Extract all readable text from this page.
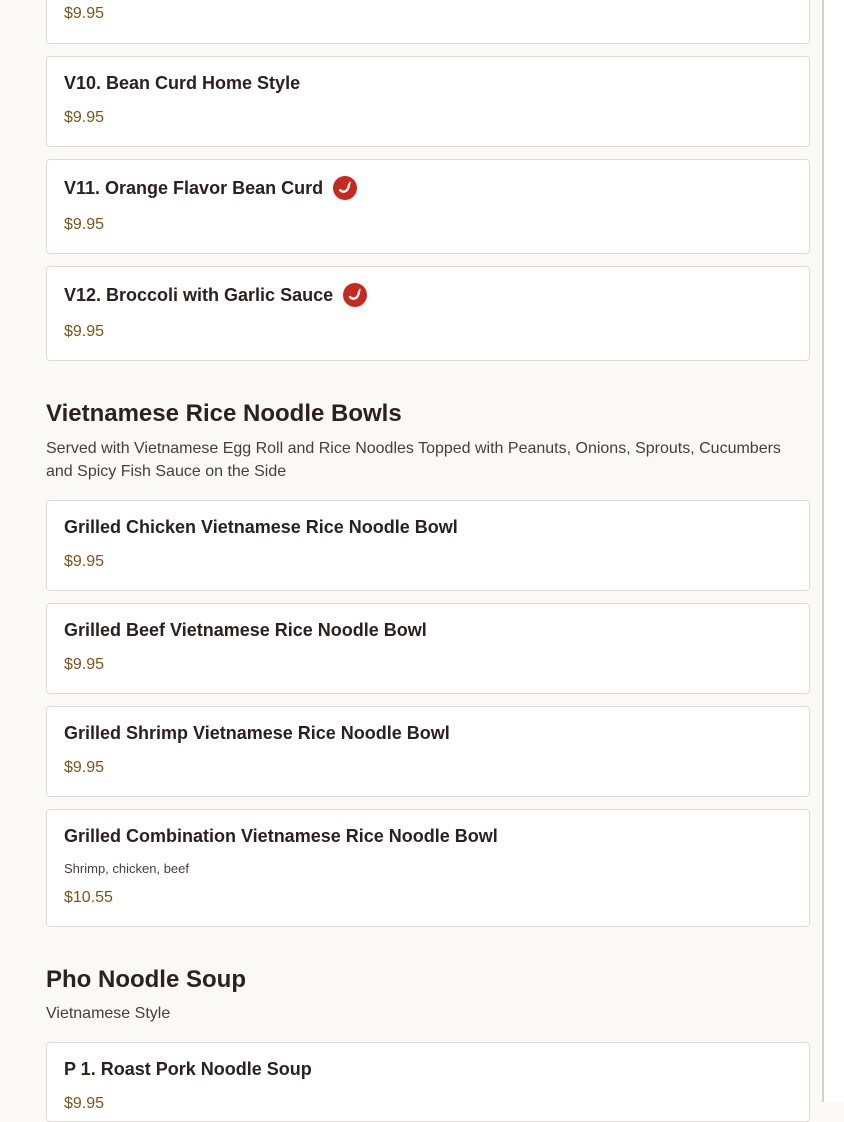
$9.95
V10. Bean Curd Home Style
$9.95
V11. Orange Flavor Bean Curd
$9.95
V12. Broccoli with Garlic Sauce
$9.95
Vietnamese Rice Noodle Bowls
Served with Vietnamese Egg Roll and Rice Noodles Topped with Peanuts, Onions, Sprouts, Cucumbers and Spicy Fish Sauce on the Side
Grilled Chicken Vietnamese Rice Noodle Bowl
$9.95
Grilled Beef Vietnamese Rice Noodle Bowl
$9.95
Grilled Shrimp Vietnamese Rice Noodle Bowl
$9.95
Grilled Combination Vietnamese Rice Noodle Bowl
Shrimp, chicken, beef
$10.55
Pho Noodle Soup
Vietnamese Style
P 1. Roast Pork Noodle Soup
$9.95
